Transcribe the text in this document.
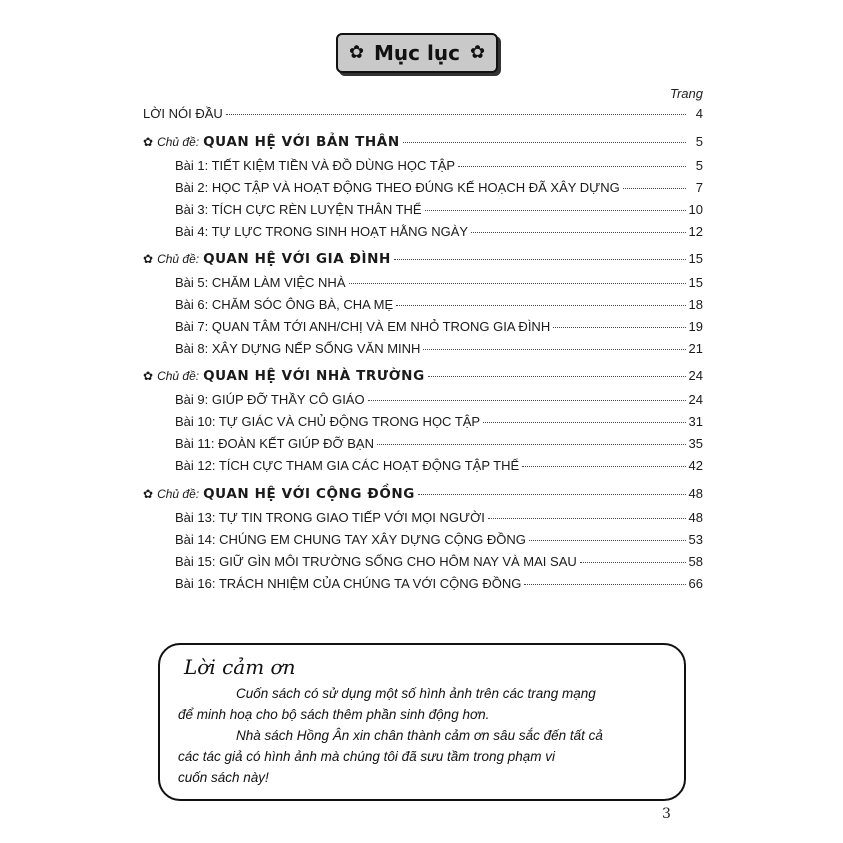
✿ Mục lục ✿
Trang
LỜI NÓI ĐẦU	4
✿ Chủ đề: QUAN HỆ VỚI BẢN THÂN	5
Bài 1: TIẾT KIỆM TIỀN VÀ ĐỒ DÙNG HỌC TẬP	5
Bài 2: HỌC TẬP VÀ HOẠT ĐỘNG THEO ĐÚNG KẾ HOẠCH ĐÃ XÂY DỰNG	7
Bài 3: TÍCH CỰC RÈN LUYỆN THÂN THỂ	10
Bài 4: TỰ LỰC TRONG SINH HOẠT HẰNG NGÀY	12
✿ Chủ đề: QUAN HỆ VỚI GIA ĐÌNH	15
Bài 5: CHĂM LÀM VIỆC NHÀ	15
Bài 6: CHĂM SÓC ÔNG BÀ, CHA MẸ	18
Bài 7: QUAN TÂM TỚI ANH/CHỊ VÀ EM NHỎ TRONG GIA ĐÌNH	19
Bài 8: XÂY DỰNG NẾP SỐNG VĂN MINH	21
✿ Chủ đề: QUAN HỆ VỚI NHÀ TRƯỜNG	24
Bài 9: GIÚP ĐỠ THẦY CÔ GIÁO	24
Bài 10: TỰ GIÁC VÀ CHỦ ĐỘNG TRONG HỌC TẬP	31
Bài 11: ĐOÀN KẾT GIÚP ĐỠ BẠN	35
Bài 12: TÍCH CỰC THAM GIA CÁC HOẠT ĐỘNG TẬP THỂ	42
✿ Chủ đề: QUAN HỆ VỚI CỘNG ĐỒNG	48
Bài 13: TỰ TIN TRONG GIAO TIẾP VỚI MỌI NGƯỜI	48
Bài 14: CHÚNG EM CHUNG TAY XÂY DỰNG CỘNG ĐỒNG	53
Bài 15: GIỮ GÌN MÔI TRƯỜNG SỐNG CHO HÔM NAY VÀ MAI SAU	58
Bài 16: TRÁCH NHIỆM CỦA CHÚNG TA VỚI CỘNG ĐỒNG	66
Lời cảm ơn
Cuốn sách có sử dụng một số hình ảnh trên các trang mạng
để minh hoạ cho bộ sách thêm phần sinh động hơn.
Nhà sách Hồng Ân xin chân thành cảm ơn sâu sắc đến tất cả
các tác giả có hình ảnh mà chúng tôi đã sưu tầm trong phạm vi
cuốn sách này!
3
